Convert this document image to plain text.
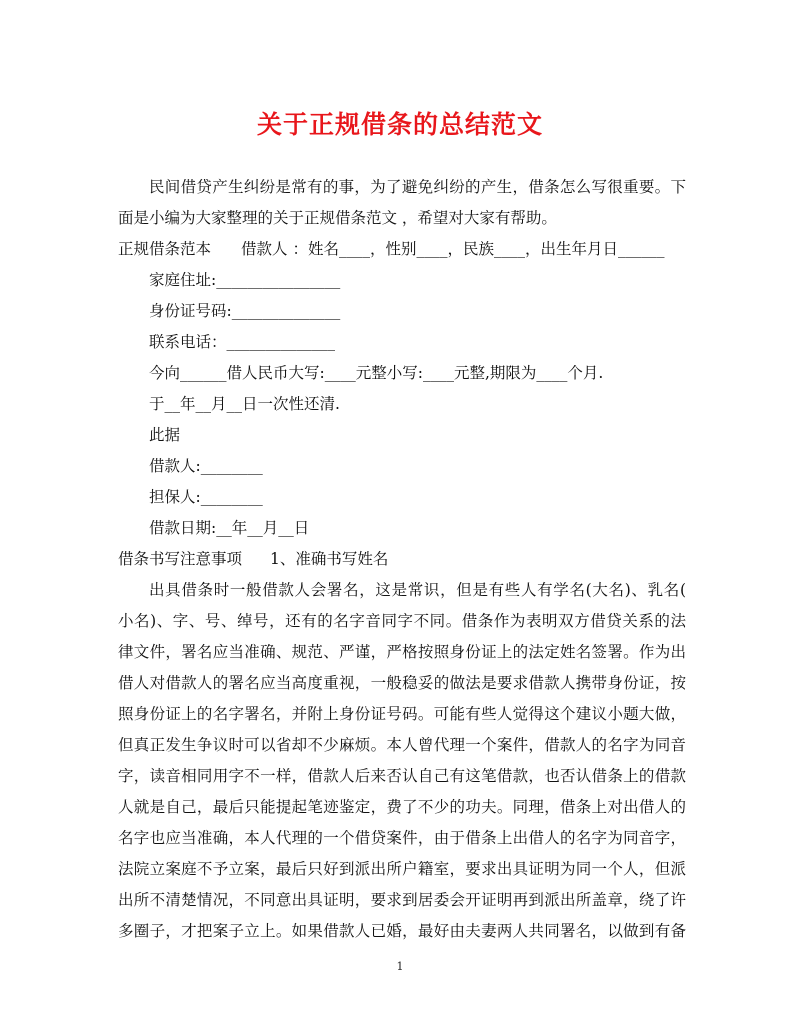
关于正规借条的总结范文
民间借贷产生纠纷是常有的事，为了避免纠纷的产生，借条怎么写很重要。下
面是小编为大家整理的关于正规借条范文 ，希望对大家有帮助。
正规借条范本 借款人 ：姓名____，性别____，民族____，出生年月日______
家庭住址:________________
身份证号码:______________
联系电话：______________
今向______借人民币大写:____元整小写:____元整,期限为____个月.
于__年__月__日一次性还清.
此据
借款人:________
担保人:________
借款日期:__年__月__日
借条书写注意事项 1、准确书写姓名
出具借条时一般借款人会署名，这是常识，但是有些人有学名(大名)、乳名(
小名)、字、号、绰号，还有的名字音同字不同。借条作为表明双方借贷关系的法
律文件，署名应当准确、规范、严谨，严格按照身份证上的法定姓名签署。作为出
借人对借款人的署名应当高度重视，一般稳妥的做法是要求借款人携带身份证，按
照身份证上的名字署名，并附上身份证号码。可能有些人觉得这个建议小题大做，
但真正发生争议时可以省却不少麻烦。本人曾代理一个案件，借款人的名字为同音
字，读音相同用字不一样，借款人后来否认自己有这笔借款，也否认借条上的借款
人就是自己，最后只能提起笔迹鉴定，费了不少的功夫。同理，借条上对出借人的
名字也应当准确，本人代理的一个借贷案件，由于借条上出借人的名字为同音字，
法院立案庭不予立案，最后只好到派出所户籍室，要求出具证明为同一个人，但派
出所不清楚情况，不同意出具证明，要求到居委会开证明再到派出所盖章，绕了许
多圈子，才把案子立上。如果借款人已婚，最好由夫妻两人共同署名，以做到有备
1
